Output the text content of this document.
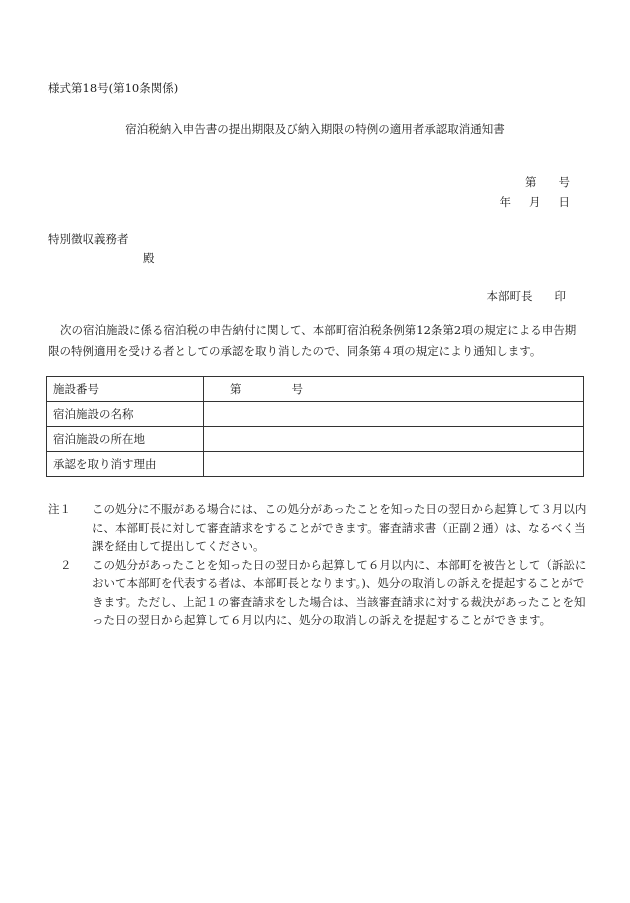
様式第18号(第10条関係)
宿泊税納入申告書の提出期限及び納入期限の特例の適用者承認取消通知書
第 号
年 月 日
特別徴収義務者
殿
本部町長 印
次の宿泊施設に係る宿泊税の申告納付に関して、本部町宿泊税条例第12条第2項の規定による申告期限の特例適用を受ける者としての承認を取り消したので、同条第４項の規定により通知します。
施設番号	第 号
宿泊施設の名称	
宿泊施設の所在地	
承認を取り消す理由	
注１	この処分に不服がある場合には、この処分があったことを知った日の翌日から起算して３月以内に、本部町長に対して審査請求をすることができます。審査請求書（正副２通）は、なるべく当課を経由して提出してください。
２	この処分があったことを知った日の翌日から起算して６月以内に、本部町を被告として（訴訟において本部町を代表する者は、本部町長となります。)、処分の取消しの訴えを提起することができます。ただし、上記１の審査請求をした場合は、当該審査請求に対する裁決があったことを知った日の翌日から起算して６月以内に、処分の取消しの訴えを提起することができます。
